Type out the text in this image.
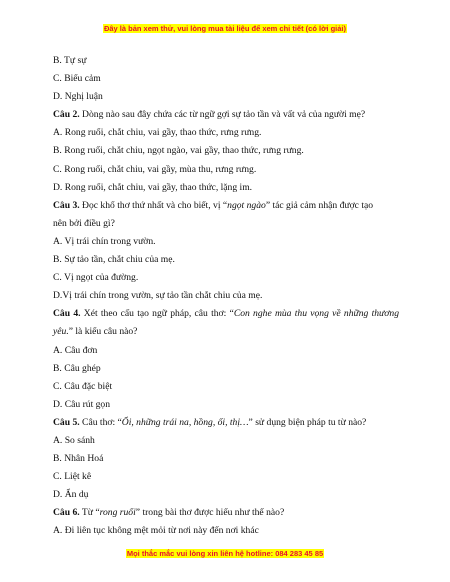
Đây là bản xem thử, vui lòng mua tài liệu để xem chi tiết (có lời giải)
B. Tự sự
C. Biểu cảm
D. Nghị luận
Câu 2. Dòng nào sau đây chứa các từ ngữ gợi sự tảo tần và vất vả của người mẹ?
A. Rong ruổi, chắt chiu, vai gầy, thao thức, rưng rưng.
B. Rong ruổi, chắt chiu, ngọt ngào, vai gầy, thao thức, rưng rưng.
C. Rong ruổi, chắt chiu, vai gầy, mùa thu, rưng rưng.
D. Rong ruổi, chắt chiu, vai gầy, thao thức, lặng im.
Câu 3. Đọc khổ thơ thứ nhất và cho biết, vị “ngọt ngào” tác giả cảm nhận được tạo
nên bởi điều gì?
A. Vị trái chín trong vườn.
B. Sự tảo tần, chắt chiu của mẹ.
C. Vị ngọt của đường.
D.Vị trái chín trong vườn, sự tảo tần chắt chiu của mẹ.
Câu 4. Xét theo cấu tạo ngữ pháp, câu thơ: “Con nghe mùa thu vọng về những thương yêu.” là kiểu câu nào?
A. Câu đơn
B. Câu ghép
C. Câu đặc biệt
D. Câu rút gọn
Câu 5. Câu thơ: “Ổi, những trái na, hồng, ổi, thị…” sử dụng biện pháp tu từ nào?
A. So sánh
B. Nhân Hoá
C. Liệt kê
D. Ẩn dụ
Câu 6. Từ “rong ruổi” trong bài thơ được hiểu như thế nào?
A. Đi liên tục không mệt mỏi từ nơi này đến nơi khác
Mọi thắc mắc vui lòng xin liên hệ hotline: 084 283 45 85
